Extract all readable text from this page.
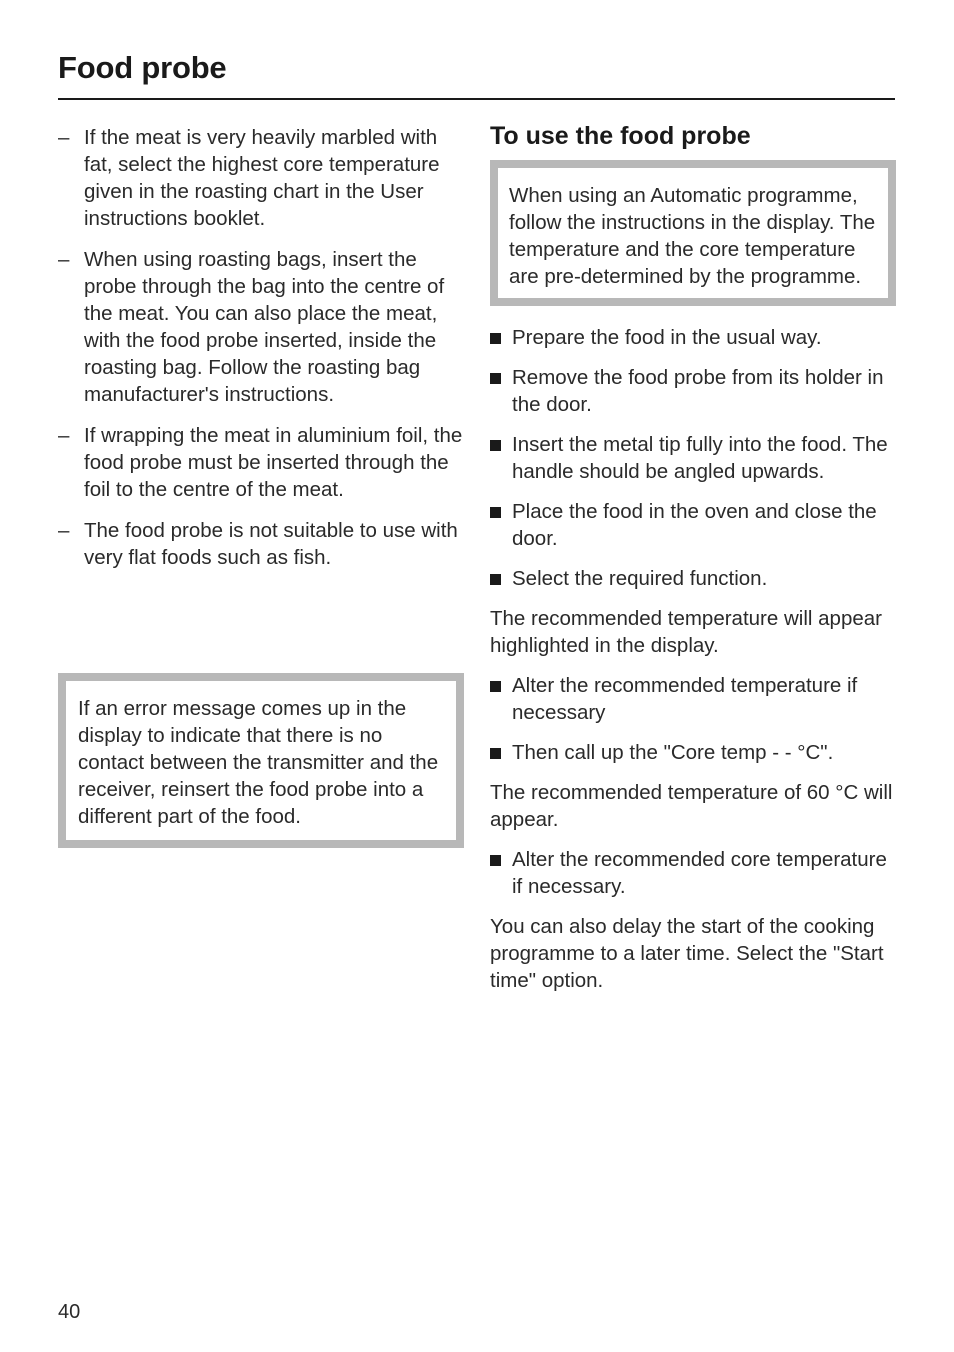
Food probe
– If the meat is very heavily marbled with fat, select the highest core temperature given in the roasting chart in the User instructions booklet.
– When using roasting bags, insert the probe through the bag into the centre of the meat. You can also place the meat, with the food probe inserted, inside the roasting bag. Follow the roasting bag manufacturer's instructions.
– If wrapping the meat in aluminium foil, the food probe must be inserted through the foil to the centre of the meat.
– The food probe is not suitable to use with very flat foods such as fish.
If an error message comes up in the display to indicate that there is no contact between the transmitter and the receiver, reinsert the food probe into a different part of the food.
To use the food probe
When using an Automatic programme, follow the instructions in the display. The temperature and the core temperature are pre-determined by the programme.
Prepare the food in the usual way.
Remove the food probe from its holder in the door.
Insert the metal tip fully into the food. The handle should be angled upwards.
Place the food in the oven and close the door.
Select the required function.

The recommended temperature will appear highlighted in the display.

Alter the recommended temperature if necessary
Then call up the "Core temp - - °C".

The recommended temperature of 60 °C will appear.

Alter the recommended core temperature if necessary.

You can also delay the start of the cooking programme to a later time. Select the "Start time" option.

40
